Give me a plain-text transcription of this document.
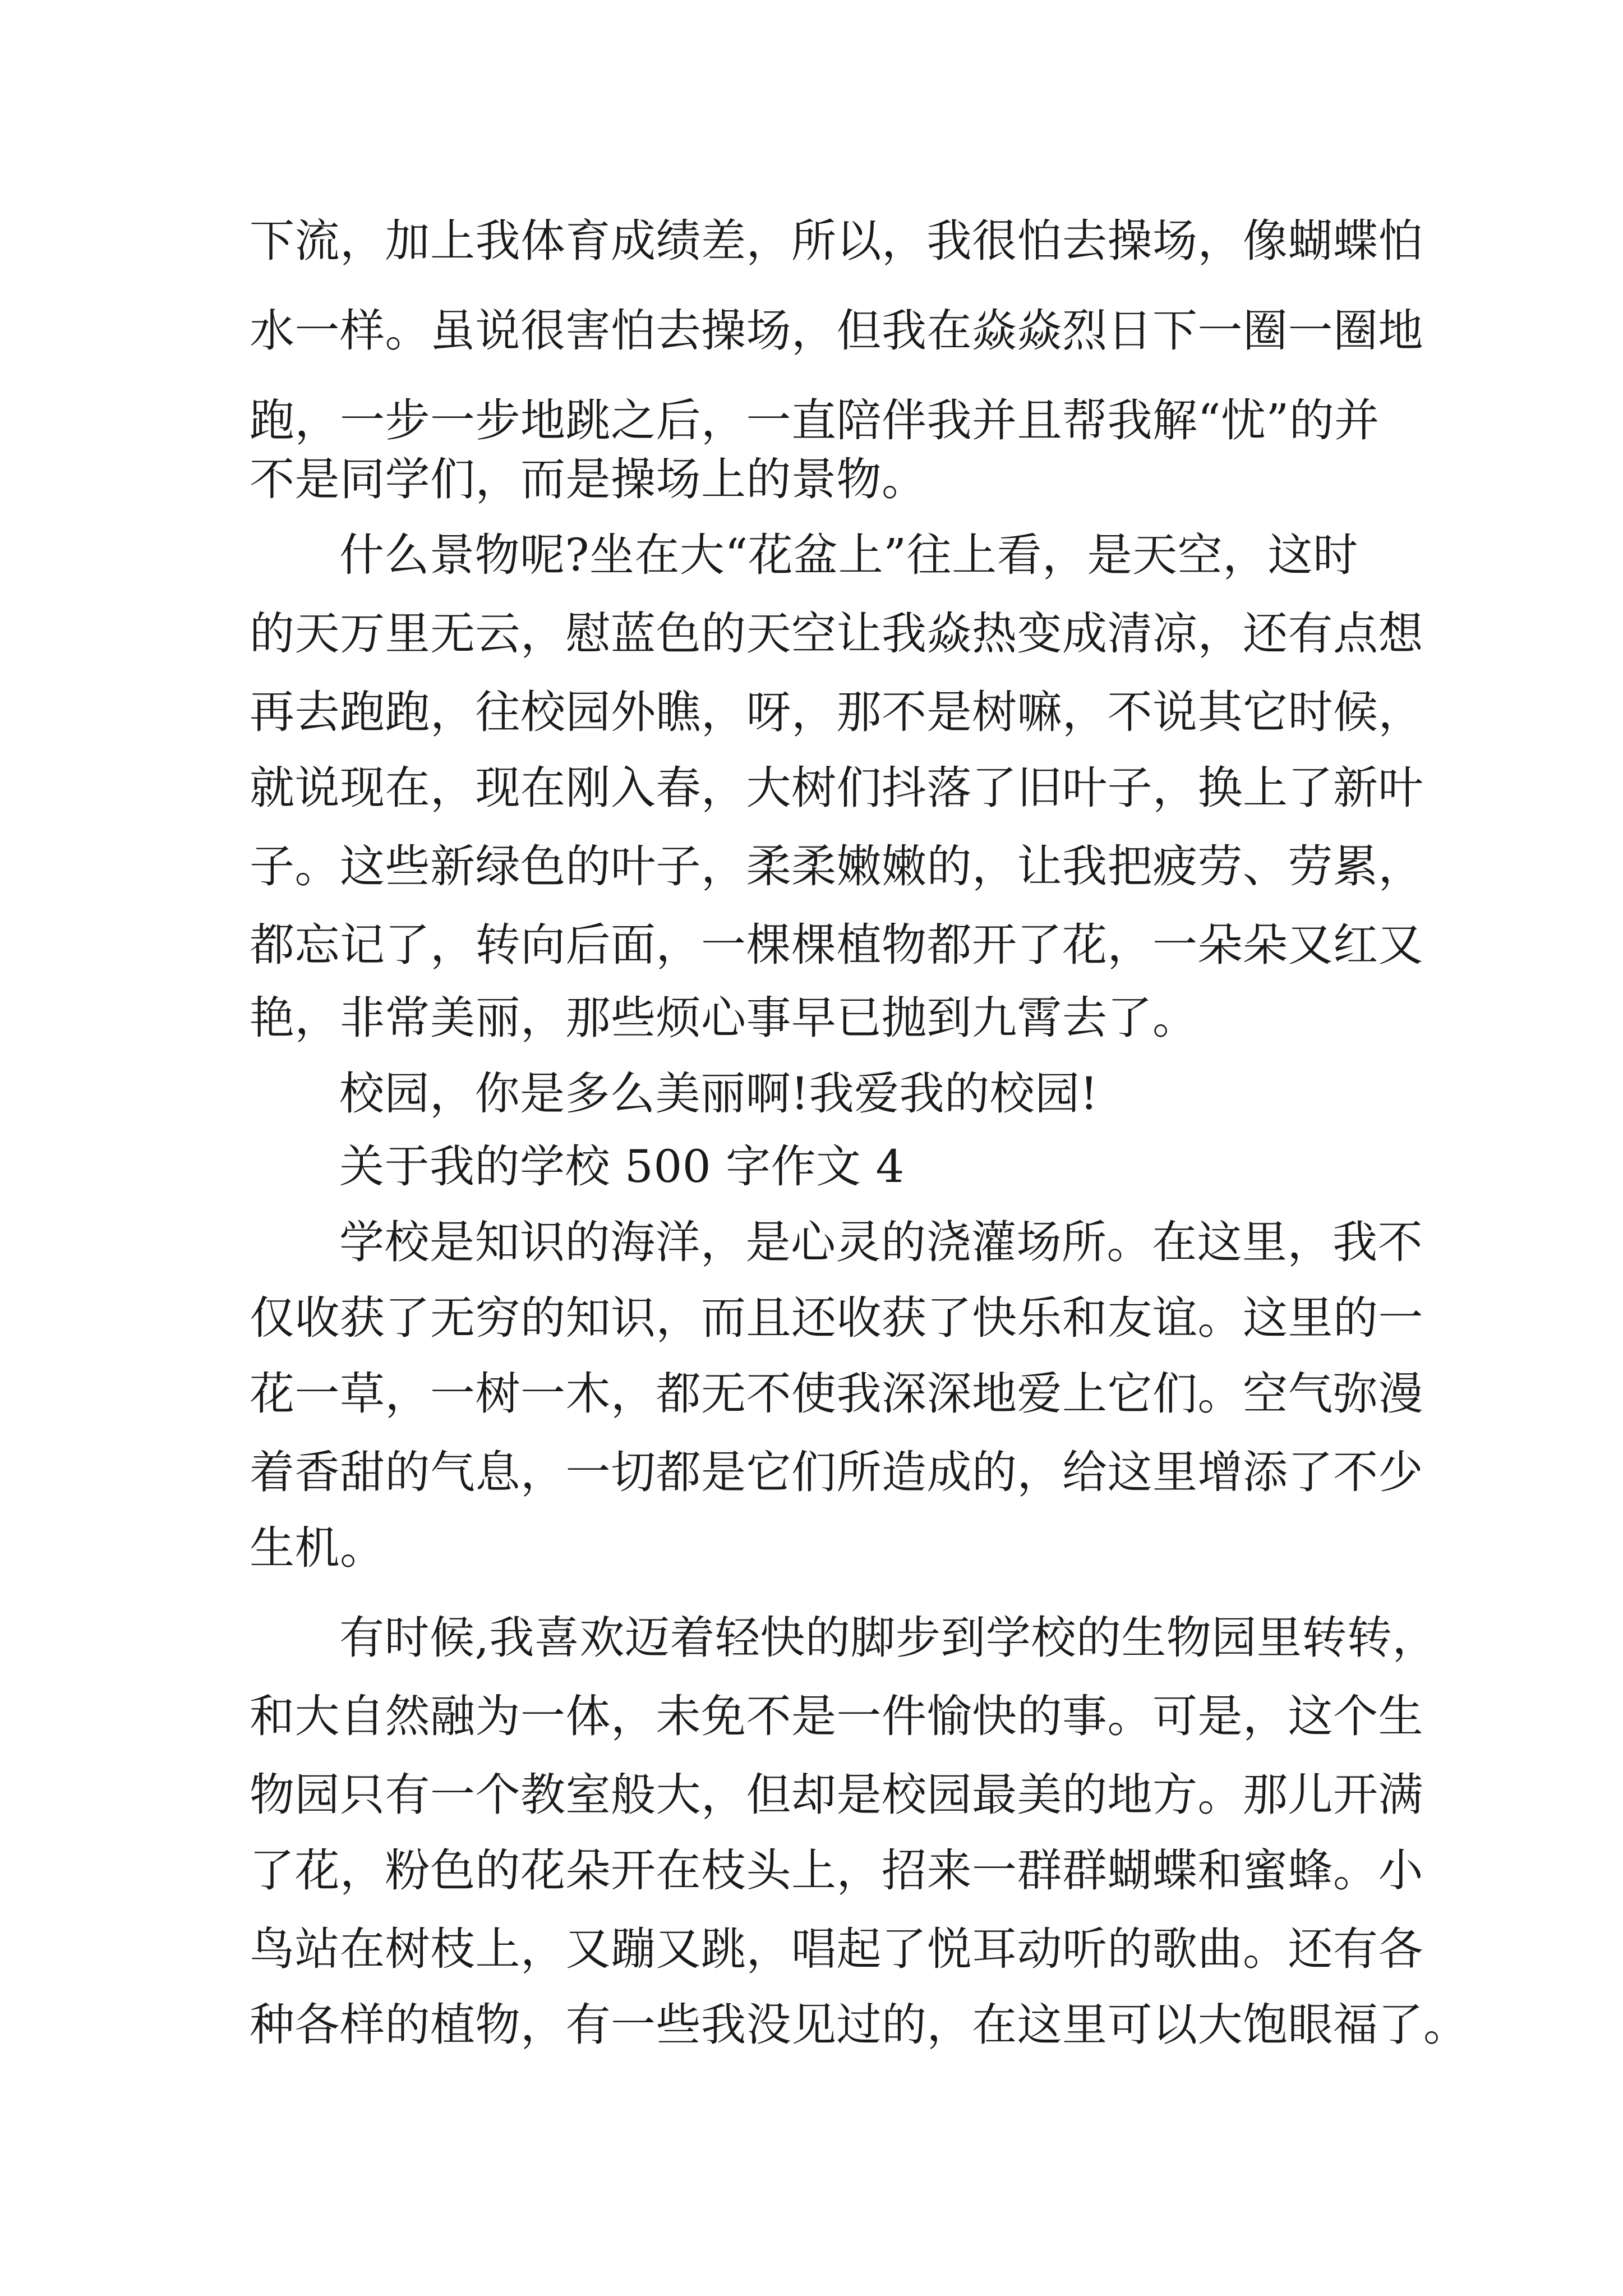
下流，加上我体育成绩差，所以，我很怕去操场，像蝴蝶怕
水一样。虽说很害怕去操场，但我在焱焱烈日下一圈一圈地
跑，一步一步地跳之后，一直陪伴我并且帮我解“忧”的并
不是同学们，而是操场上的景物。
什么景物呢?坐在大“花盆上”往上看，是天空，这时
的天万里无云，慰蓝色的天空让我焱热变成清凉，还有点想
再去跑跑，往校园外瞧，呀，那不是树嘛，不说其它时候，
就说现在，现在刚入春，大树们抖落了旧叶子，换上了新叶
子。这些新绿色的叶子，柔柔嫩嫩的，让我把疲劳、劳累，
都忘记了，转向后面，一棵棵植物都开了花，一朵朵又红又
艳，非常美丽，那些烦心事早已抛到九霄去了。
校园，你是多么美丽啊!我爱我的校园!
关于我的学校 500 字作文 4
学校是知识的海洋，是心灵的浇灌场所。在这里，我不
仅收获了无穷的知识，而且还收获了快乐和友谊。这里的一
花一草，一树一木，都无不使我深深地爱上它们。空气弥漫
着香甜的气息，一切都是它们所造成的，给这里增添了不少
生机。
有时候,我喜欢迈着轻快的脚步到学校的生物园里转转，
和大自然融为一体，未免不是一件愉快的事。可是，这个生
物园只有一个教室般大，但却是校园最美的地方。那儿开满
了花，粉色的花朵开在枝头上，招来一群群蝴蝶和蜜蜂。小
鸟站在树枝上，又蹦又跳，唱起了悦耳动听的歌曲。还有各
种各样的植物，有一些我没见过的，在这里可以大饱眼福了。
